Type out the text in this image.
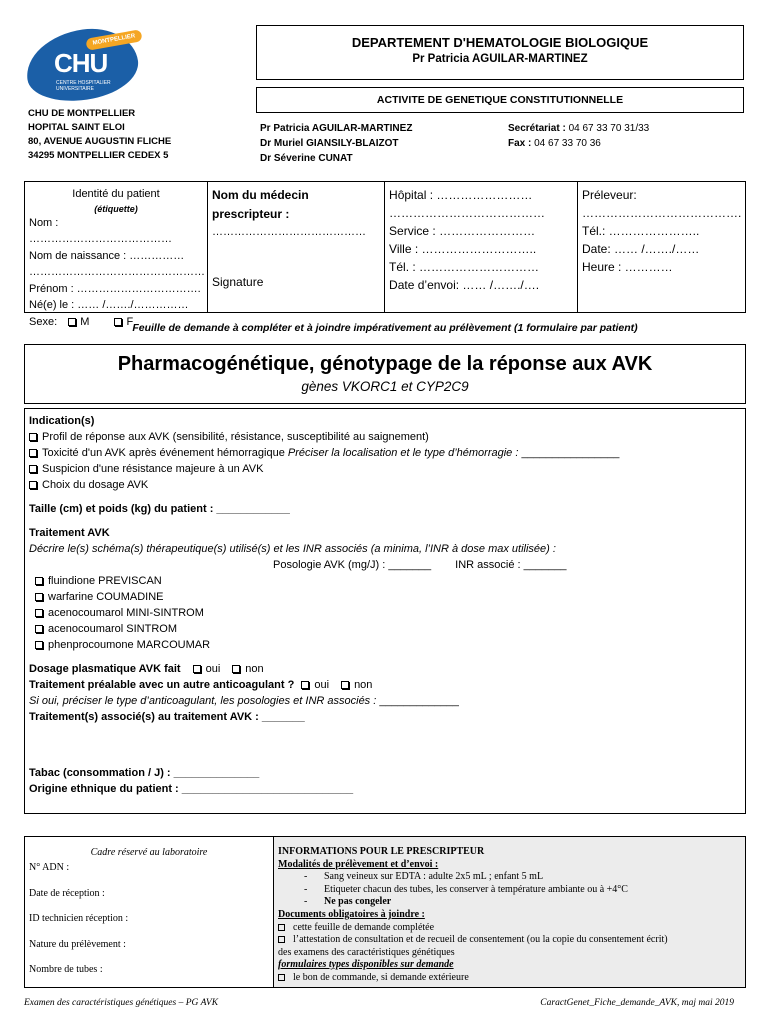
MONTPELLIER
CHU
CENTRE HOSPITALIER UNIVERSITAIRE
CHU DE MONTPELLIER
HOPITAL SAINT ELOI
80, AVENUE AUGUSTIN FLICHE
34295 MONTPELLIER CEDEX 5
DEPARTEMENT D'HEMATOLOGIE BIOLOGIQUE
Pr Patricia AGUILAR-MARTINEZ
ACTIVITE DE GENETIQUE CONSTITUTIONNELLE
Pr Patricia AGUILAR-MARTINEZ
Dr Muriel GIANSILY-BLAIZOT
Dr Séverine CUNAT
Secrétariat : 04 67 33 70 31/33
Fax : 04 67 33 70 36
Identité du patient
(étiquette)
Nom : …………………………………
Nom de naissance : ……………
…………………………………………
Prénom : …………………………….
Né(e) le : …… /……./……………
Sexe: M	F
Nom du médecin
prescripteur :
……………………………………
Signature
Hôpital : ……………………
…………………………………
Service : ……………………
Ville : ………………………..
Tél. : …………………………
Date d’envoi: …… /……./….
Préleveur:
………………………………….
Tél.: …………………..
Date: …… /……./……
Heure : …………
Feuille de demande à compléter et à joindre impérativement au prélèvement (1 formulaire par patient)
Pharmacogénétique, génotypage de la réponse aux AVK
gènes VKORC1 et CYP2C9
Indication(s)
Profil de réponse aux AVK (sensibilité, résistance, susceptibilité au saignement)
Toxicité d'un AVK après événement hémorragique Préciser la localisation et le type d’hémorragie : ________________
Suspicion d'une résistance majeure à un AVK
Choix du dosage AVK
Taille (cm) et poids (kg) du patient : ____________
Traitement AVK
Décrire le(s) schéma(s) thérapeutique(s) utilisé(s) et les INR associés (a minima, l’INR à dose max utilisée) :
Posologie AVK (mg/J) : _______ INR associé : _______
fluindione PREVISCAN
warfarine COUMADINE
acenocoumarol MINI-SINTROM
acenocoumarol SINTROM
phenprocoumone MARCOUMAR
Dosage plasmatique AVK fait oui non
Traitement préalable avec un autre anticoagulant ? oui non
Si oui, préciser le type d’anticoagulant, les posologies et INR associés : _____________
Traitement(s) associé(s) au traitement AVK : _______
Tabac (consommation / J) : ______________
Origine ethnique du patient : ____________________________
Cadre réservé au laboratoire
N° ADN :
Date de réception :
ID technicien réception :
Nature du prélèvement :
Nombre de tubes :
INFORMATIONS POUR LE PRESCRIPTEUR
Modalités de prélèvement et d’envoi :
- Sang veineux sur EDTA : adulte 2x5 mL ; enfant 5 mL
- Etiqueter chacun des tubes, les conserver à température ambiante ou à +4°C
- Ne pas congeler
Documents obligatoires à joindre :
cette feuille de demande complétée
l’attestation de consultation et de recueil de consentement (ou la copie du consentement écrit)
des examens des caractéristiques génétiques
formulaires types disponibles sur demande
le bon de commande, si demande extérieure
Examen des caractéristiques génétiques – PG AVK	CaractGenet_Fiche_demande_AVK, maj mai 2019
